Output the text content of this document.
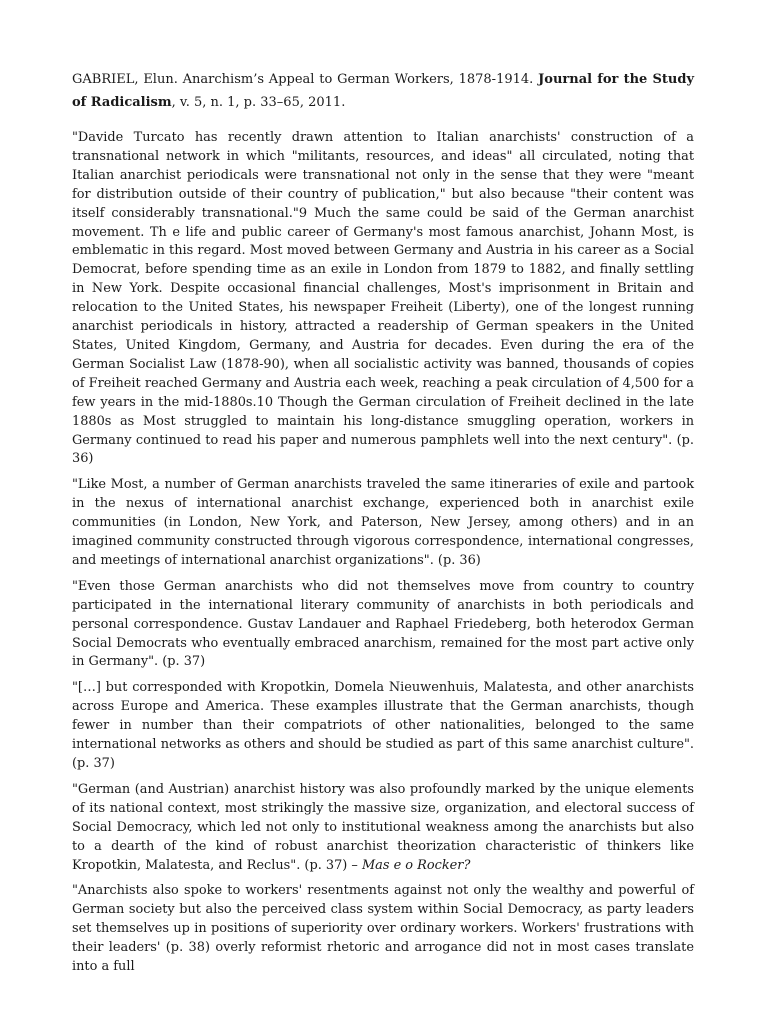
GABRIEL, Elun. Anarchism’s Appeal to German Workers, 1878-1914. Journal for the Study of Radicalism, v. 5, n. 1, p. 33–65, 2011.

"Davide Turcato has recently drawn attention to Italian anarchists' construction of a transnational network in which "militants, resources, and ideas" all circulated, noting that Italian anarchist periodicals were transnational not only in the sense that they were "meant for distribution outside of their country of publication," but also because "their content was itself considerably transnational."9 Much the same could be said of the German anarchist movement. Th e life and public career of Germany's most famous anarchist, Johann Most, is emblematic in this regard. Most moved between Germany and Austria in his career as a Social Democrat, before spending time as an exile in London from 1879 to 1882, and finally settling in New York. Despite occasional financial challenges, Most's imprisonment in Britain and relocation to the United States, his newspaper Freiheit (Liberty), one of the longest running anarchist periodicals in history, attracted a readership of German speakers in the United States, United Kingdom, Germany, and Austria for decades. Even during the era of the German Socialist Law (1878-90), when all socialistic activity was banned, thousands of copies of Freiheit reached Germany and Austria each week, reaching a peak circulation of 4,500 for a few years in the mid-1880s.10 Though the German circulation of Freiheit declined in the late 1880s as Most struggled to maintain his long-distance smuggling operation, workers in Germany continued to read his paper and numerous pamphlets well into the next century". (p. 36)

"Like Most, a number of German anarchists traveled the same itineraries of exile and partook in the nexus of international anarchist exchange, experienced both in anarchist exile communities (in London, New York, and Paterson, New Jersey, among others) and in an imagined community constructed through vigorous correspondence, international congresses, and meetings of international anarchist organizations". (p. 36)

"Even those German anarchists who did not themselves move from country to country participated in the international literary community of anarchists in both periodicals and personal correspondence. Gustav Landauer and Raphael Friedeberg, both heterodox German Social Democrats who eventually embraced anarchism, remained for the most part active only in Germany". (p. 37)

"[…] but corresponded with Kropotkin, Domela Nieuwenhuis, Malatesta, and other anarchists across Europe and America. These examples illustrate that the German anarchists, though fewer in number than their compatriots of other nationalities, belonged to the same international networks as others and should be studied as part of this same anarchist culture". (p. 37)

"German (and Austrian) anarchist history was also profoundly marked by the unique elements of its national context, most strikingly the massive size, organization, and electoral success of Social Democracy, which led not only to institutional weakness among the anarchists but also to a dearth of the kind of robust anarchist theorization characteristic of thinkers like Kropotkin, Malatesta, and Reclus". (p. 37) – Mas e o Rocker?

"Anarchists also spoke to workers' resentments against not only the wealthy and powerful of German society but also the perceived class system within Social Democracy, as party leaders set themselves up in positions of superiority over ordinary workers. Workers' frustrations with their leaders' (p. 38) overly reformist rhetoric and arrogance did not in most cases translate into a full
